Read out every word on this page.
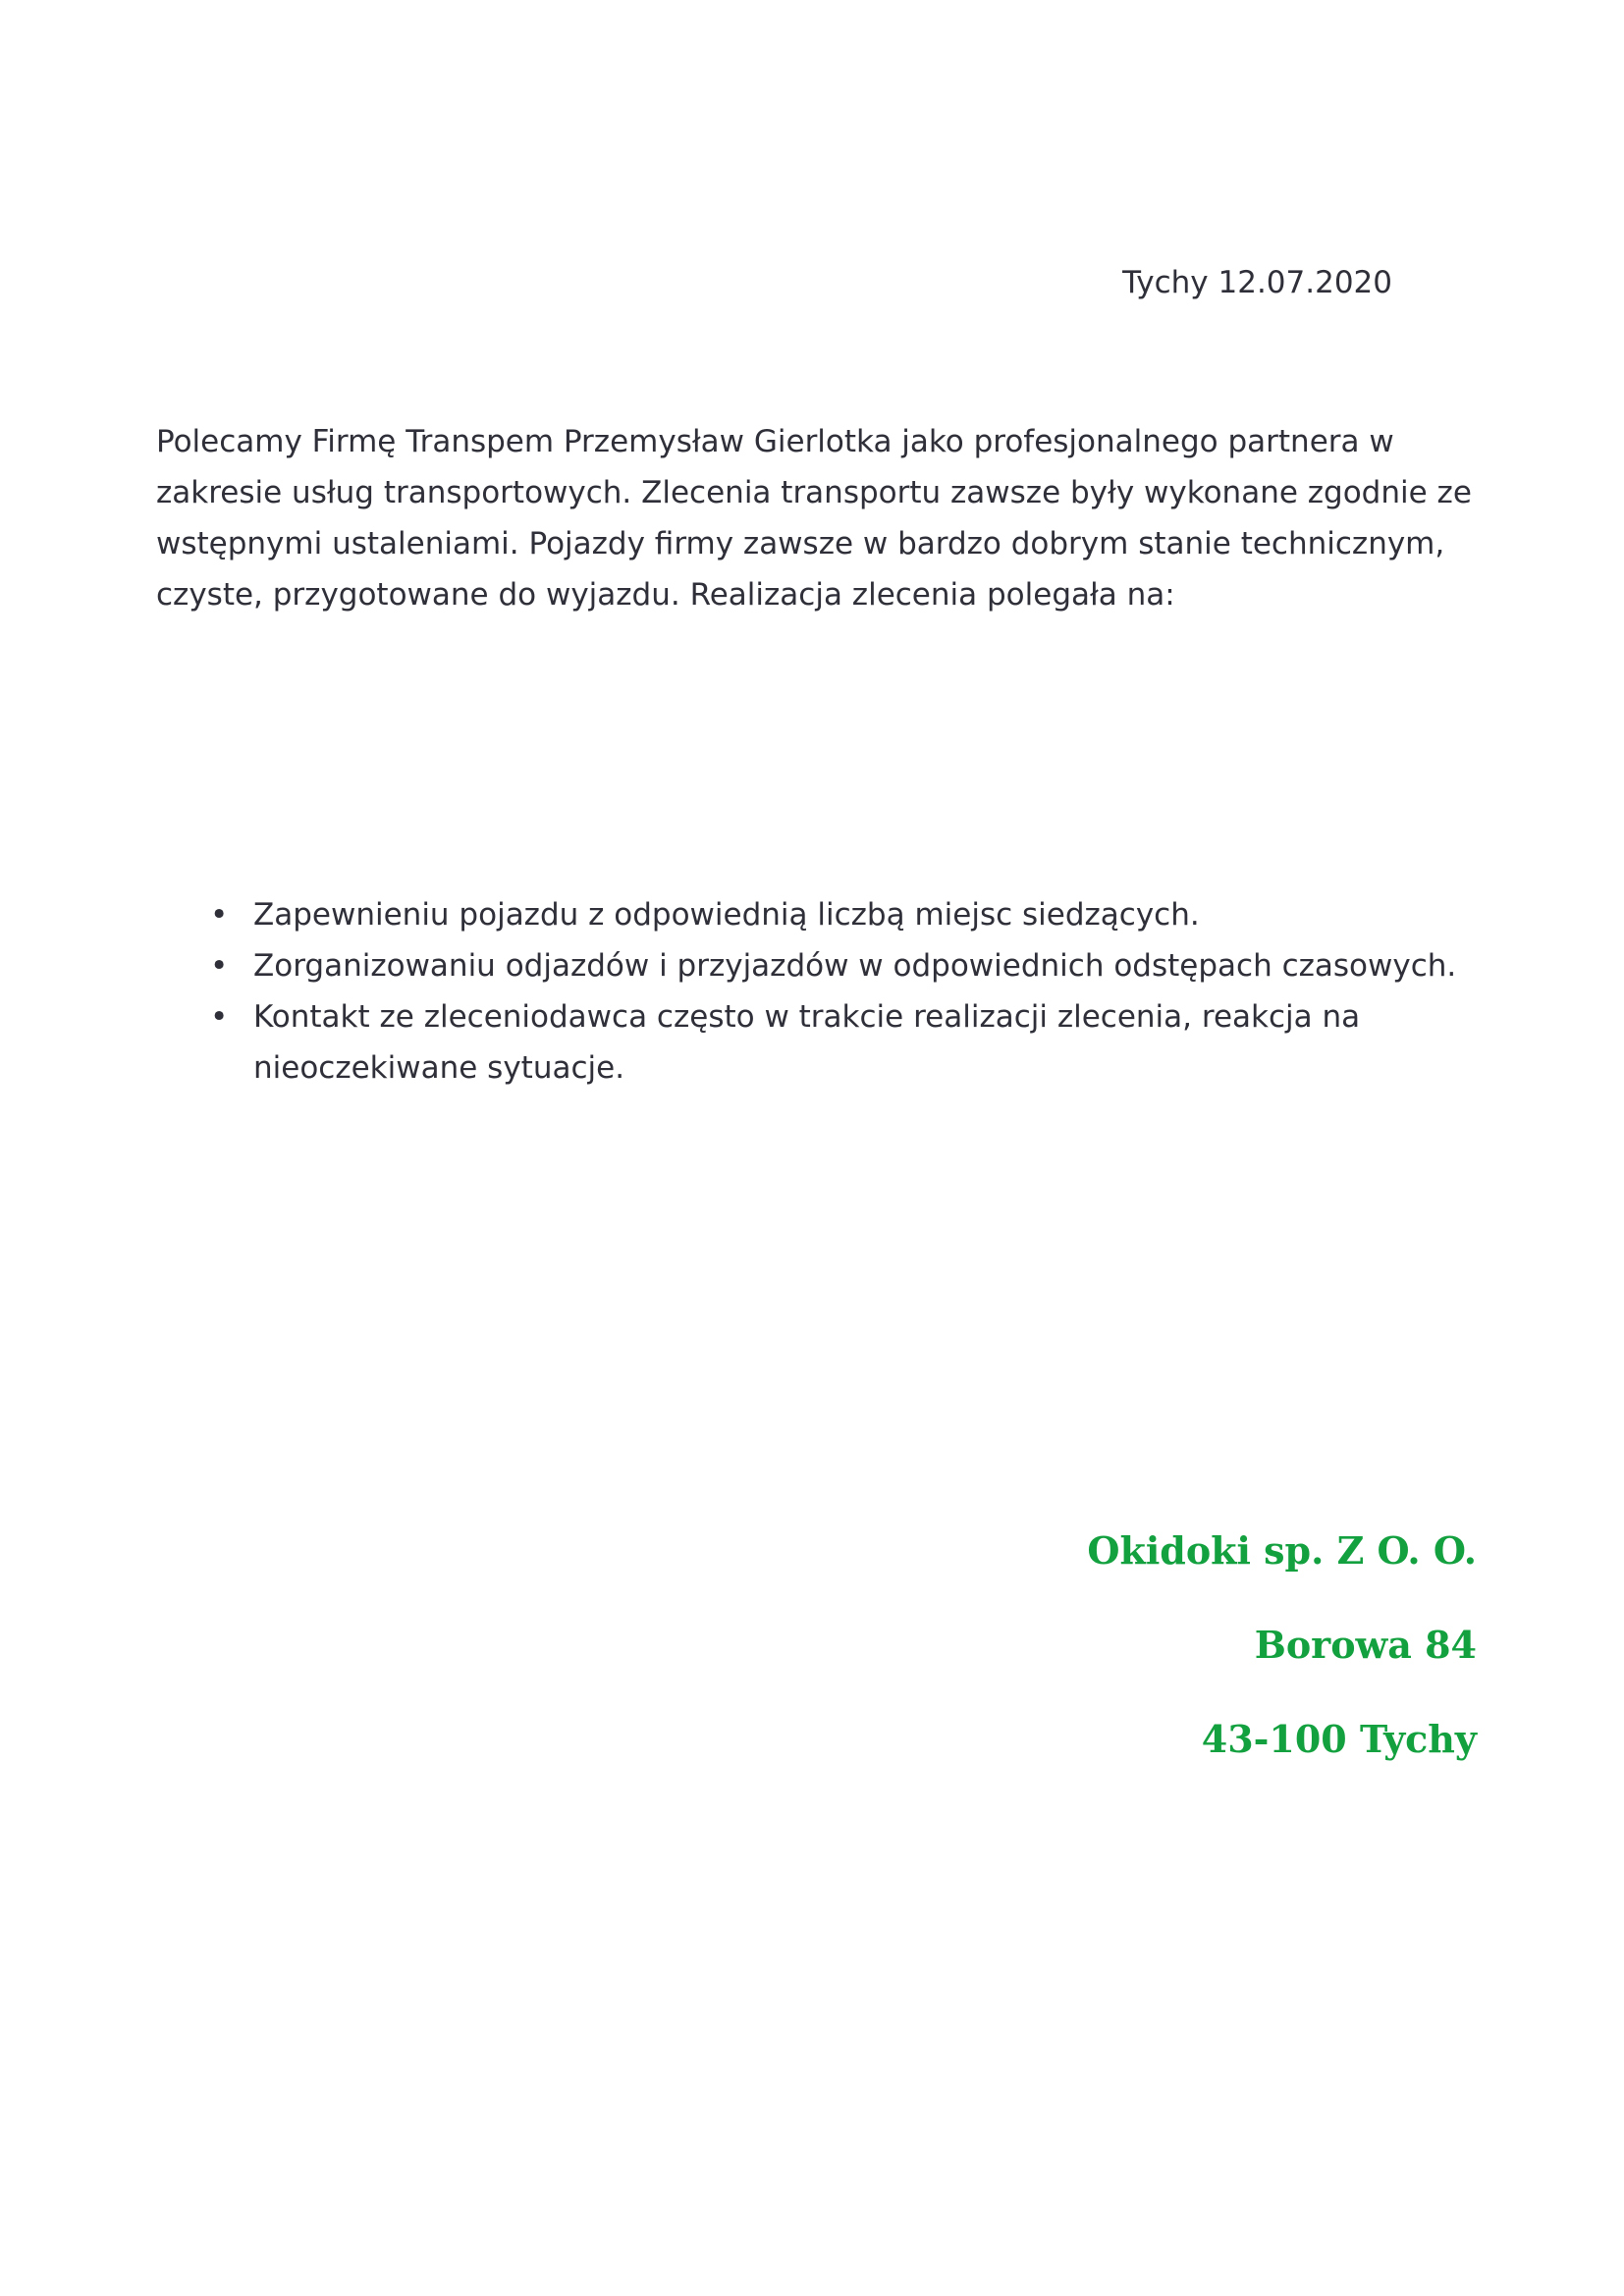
Tychy 12.07.2020

Polecamy Firmę Transpem Przemysław Gierlotka jako profesjonalnego partnera w zakresie usług transportowych. Zlecenia transportu zawsze były wykonane zgodnie ze wstępnymi ustaleniami. Pojazdy firmy zawsze w bardzo dobrym stanie technicznym, czyste, przygotowane do wyjazdu. Realizacja zlecenia polegała na:

• Zapewnieniu pojazdu z odpowiednią liczbą miejsc siedzących.
• Zorganizowaniu odjazdów i przyjazdów w odpowiednich odstępach czasowych.
• Kontakt ze zleceniodawca często w trakcie realizacji zlecenia, reakcja na nieoczekiwane sytuacje.
Okidoki sp. Z O. O.
Borowa 84
43-100 Tychy
